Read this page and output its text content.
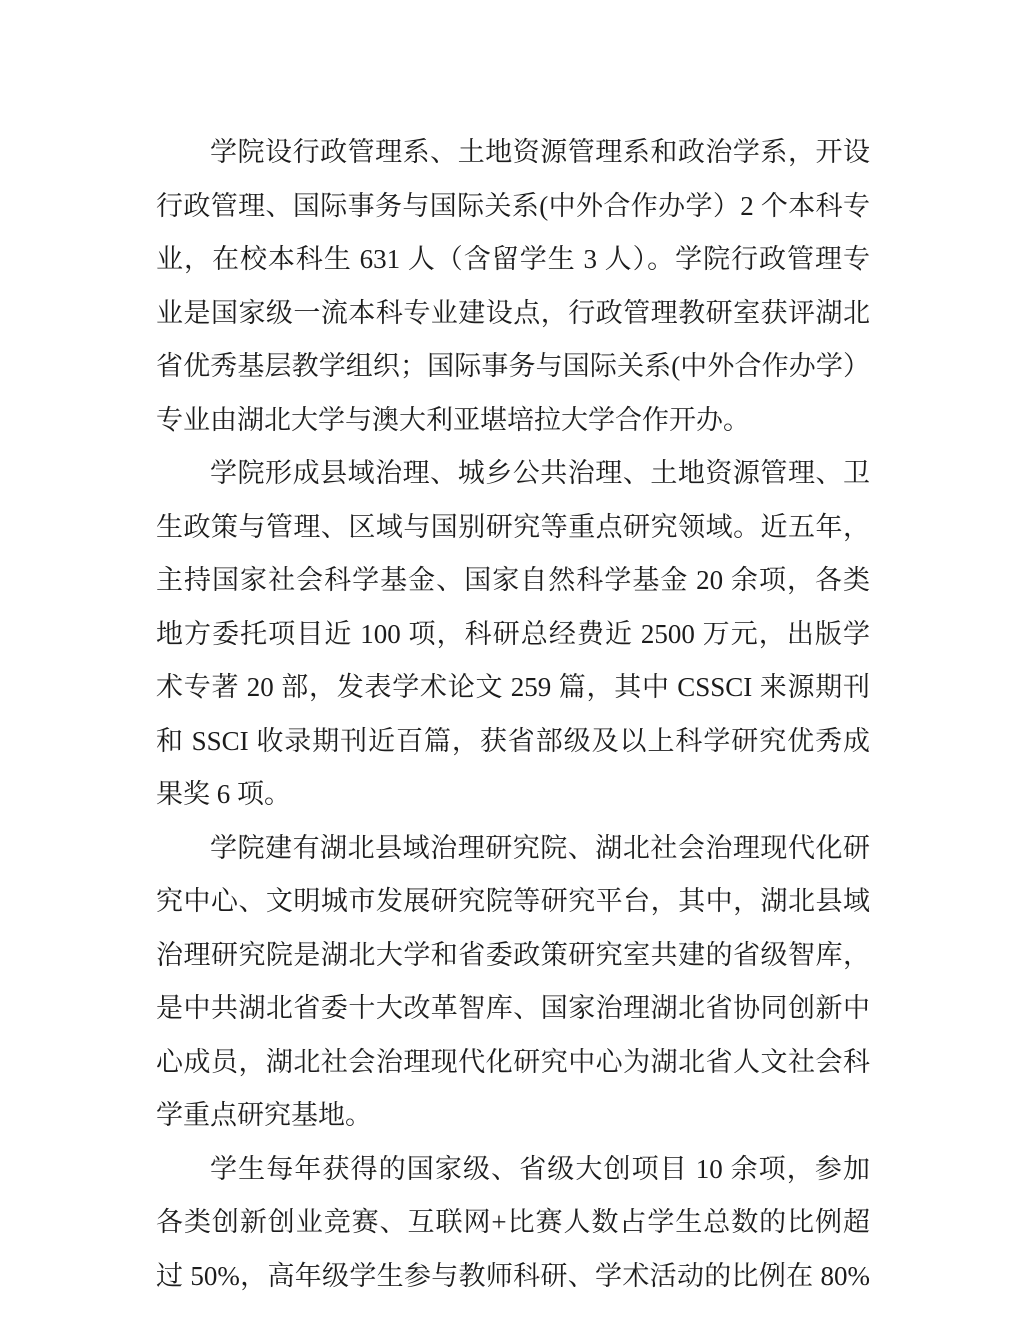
学院设行政管理系、土地资源管理系和政治学系，开设
行政管理、国际事务与国际关系(中外合作办学）2 个本科专
业，在校本科生 631 人（含留学生 3 人）。学院行政管理专
业是国家级一流本科专业建设点，行政管理教研室获评湖北
省优秀基层教学组织；国际事务与国际关系(中外合作办学）
专业由湖北大学与澳大利亚堪培拉大学合作开办。
学院形成县域治理、城乡公共治理、土地资源管理、卫
生政策与管理、区域与国别研究等重点研究领域。近五年，
主持国家社会科学基金、国家自然科学基金 20 余项，各类
地方委托项目近 100 项，科研总经费近 2500 万元，出版学
术专著 20 部，发表学术论文 259 篇，其中 CSSCI 来源期刊
和 SSCI 收录期刊近百篇，获省部级及以上科学研究优秀成
果奖 6 项。
学院建有湖北县域治理研究院、湖北社会治理现代化研
究中心、文明城市发展研究院等研究平台，其中，湖北县域
治理研究院是湖北大学和省委政策研究室共建的省级智库，
是中共湖北省委十大改革智库、国家治理湖北省协同创新中
心成员，湖北社会治理现代化研究中心为湖北省人文社会科
学重点研究基地。
学生每年获得的国家级、省级大创项目 10 余项，参加
各类创新创业竞赛、互联网+比赛人数占学生总数的比例超
过 50%，高年级学生参与教师科研、学术活动的比例在 80%
